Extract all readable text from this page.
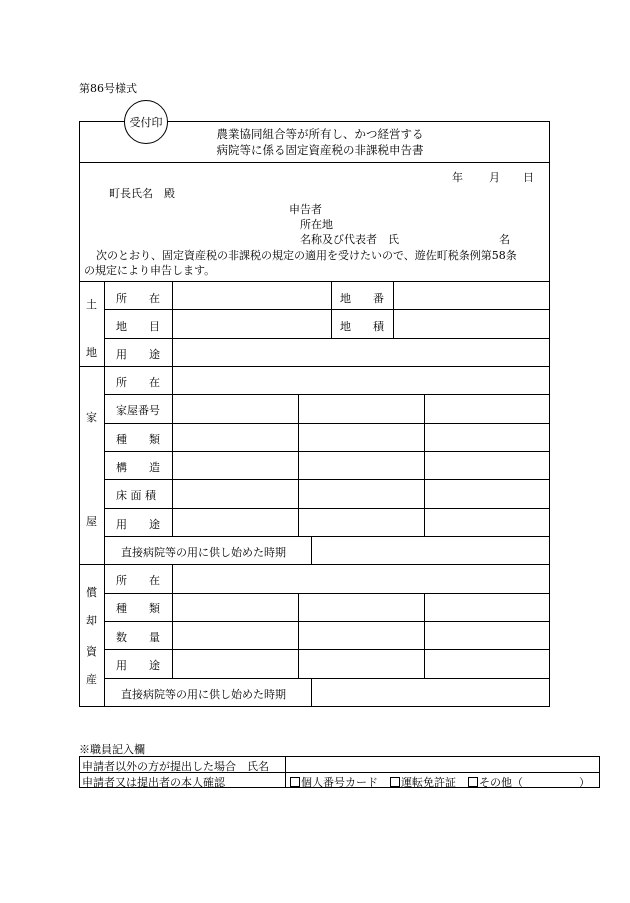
第86号様式
受付印
農業協同組合等が所有し、かつ経営する
病院等に係る固定資産税の非課税申告書
年 月 日
町長氏名　殿
申告者
所在地
名称及び代表者　氏	名
次のとおり、固定資産税の非課税の規定の適用を受けたいので、遊佐町税条例第58条
の規定により申告します。
土
地
所　　在	地　　番
地　　目	地　　積
用　　途
家
屋
所　　在
家屋番号
種　　類
構　　造
床 面 積
用　　途
直接病院等の用に供し始めた時期
償
却
資
産
所　　在
種　　類
数　　量
用　　途
直接病院等の用に供し始めた時期
※職員記入欄
申請者以外の方が提出した場合　氏名
申請者又は提出者の本人確認	個人番号カード	運転免許証	その他（	）
